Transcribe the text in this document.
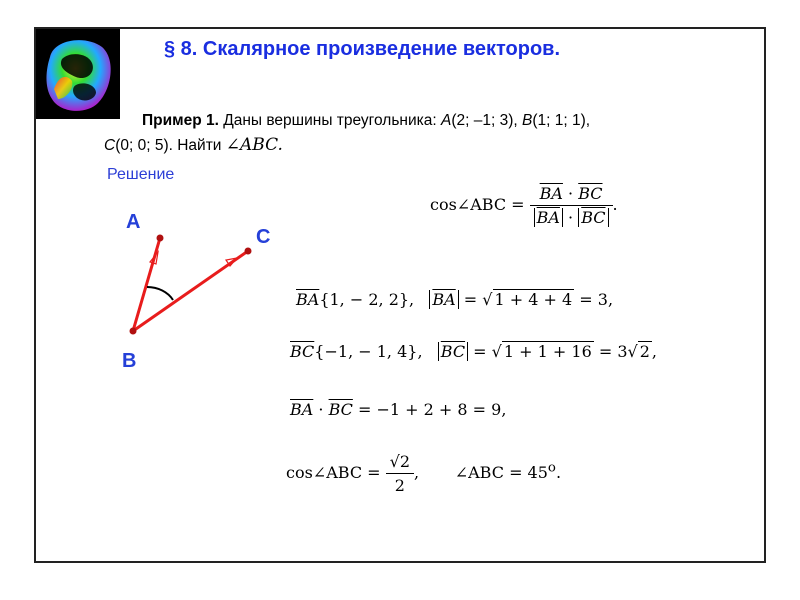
§ 8. Скалярное произведение векторов.
Пример 1. Даны вершины треугольника: A(2; –1; 3), B(1; 1; 1),
C(0; 0; 5). Найти ∠ABC.

Решение

A
B
C
cos∠ABC = $\frac{\overline{BA} \cdot \overline{BC}}{\overline{BA} \cdot \overline{BC}}$ .
$\overline{BA}\{1$, − 2, 2}, $\overline{BA}$ = √ 1 + 4 + 4 = 3,
$\overline{BC}\{-1$, − 1, 4}, $\overline{BC}$ = √ 1 + 1 + 16 = 3√ 2 ,
$\overline{BA} \cdot \overline{BC} = -1 + 2 + 8 = 9$,
cos∠ABC = $\frac{√2}{2}$ , ∠ABC = $45^o$.
